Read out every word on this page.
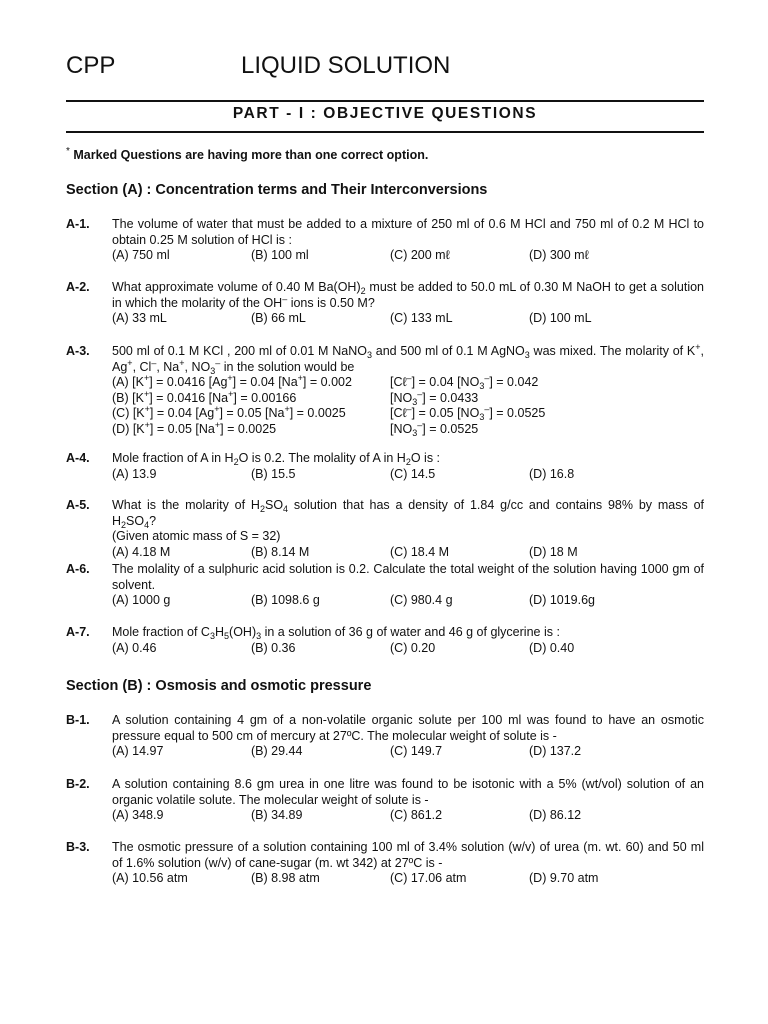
CPP	LIQUID SOLUTION
PART - I : OBJECTIVE QUESTIONS
* Marked Questions are having more than one correct option.
Section (A) : Concentration terms and Their Interconversions
A-1. The volume of water that must be added to a mixture of 250 ml of 0.6 M HCl and 750 ml of 0.2 M HCl to obtain 0.25 M solution of HCl is :
(A) 750 ml	(B) 100 ml	(C) 200 mℓ	(D) 300 mℓ
A-2. What approximate volume of 0.40 M $Ba(OH)_2$ must be added to 50.0 mL of 0.30 M NaOH to get a solution in which the molarity of the OH– ions is 0.50 M?
(A) 33 mL	(B) 66 mL	(C) 133 mL	(D) 100 mL
A-3. 500 ml of 0.1 M KCl , 200 ml of 0.01 M NaNO$_3$ and 500 ml of 0.1 M AgNO$_3$ was mixed. The molarity of K+, Ag+, Cl–, Na+, $NO_3^-$ in the solution would be
(A) [K+] = 0.0416 [Ag+] = 0.04 [Na+] = 0.002	[Cℓ–] = 0.04 $[NO_3^-] = 0.042$
(B) [K+] = 0.0416 [Na+] = 0.00166	$[NO_3^-] = 0.0433$
(C) [K+] = 0.04 [Ag+] = 0.05 [Na+] = 0.0025	[Cℓ–] = 0.05 $[NO_3^-] = 0.0525$
(D) [K+] = 0.05 [Na+] = 0.0025	$[NO_3^-] = 0.0525$
A-4. Mole fraction of A in $H_2O$ is 0.2. The molality of A in $H_2O$ is :
(A) 13.9	(B) 15.5	(C) 14.5	(D) 16.8
A-5. What is the molarity of $H_2SO_4$ solution that has a density of 1.84 g/cc and contains 98% by mass of $H_2SO_4$?
(Given atomic mass of S = 32)
(A) 4.18 M	(B) 8.14 M	(C) 18.4 M	(D) 18 M
A-6. The molality of a sulphuric acid solution is 0.2. Calculate the total weight of the solution having 1000 gm of solvent.
(A) 1000 g	(B) 1098.6 g	(C) 980.4 g	(D) 1019.6g
A-7. Mole fraction of $C_3H_5(OH)_3$ in a solution of 36 g of water and 46 g of glycerine is :
(A) 0.46	(B) 0.36	(C) 0.20	(D) 0.40
Section (B) : Osmosis and osmotic pressure
B-1. A solution containing 4 gm of a non-volatile organic solute per 100 ml was found to have an osmotic pressure equal to 500 cm of mercury at 27ºC. The molecular weight of solute is -
(A) 14.97	(B) 29.44	(C) 149.7	(D) 137.2
B-2. A solution containing 8.6 gm urea in one litre was found to be isotonic with a 5% (wt/vol) solution of an organic volatile solute. The molecular weight of solute is -
(A) 348.9	(B) 34.89	(C) 861.2	(D) 86.12
B-3. The osmotic pressure of a solution containing 100 ml of 3.4% solution (w/v) of urea (m. wt. 60) and 50 ml of 1.6% solution (w/v) of cane-sugar (m. wt 342) at 27ºC is -
(A) 10.56 atm	(B) 8.98 atm	(C) 17.06 atm	(D) 9.70 atm
